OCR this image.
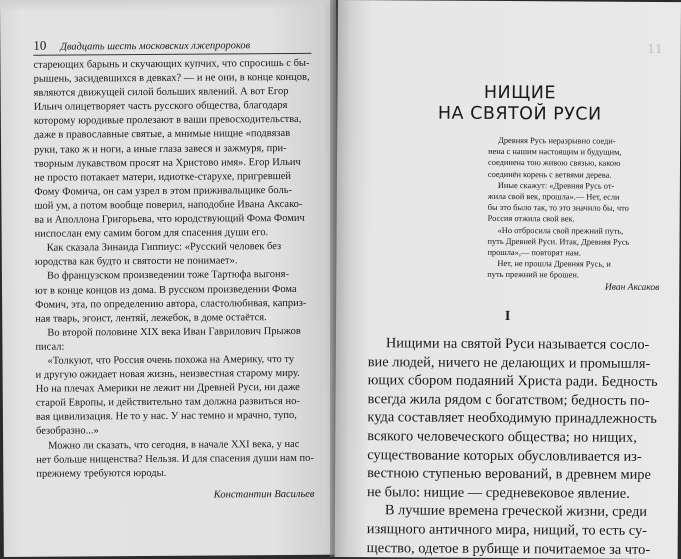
10 Двадцать шесть московских лжепророков
стареющих барынь и скучающих купчих, что спросишь с бы-
рышень, засидевшихся в девках? — и не они, в конце концов,
являются движущей силой больших явлений. А вот Егор
Ильич олицетворяет часть русского общества, благодаря
которому юродивые пролезают в ваши превосходительства,
даже в православные святые, а мнимые нищие «подвязав
руки, тако ж и ноги, а иные глаза завеся и зажмуря, при-
творным лукавством просят на Христово имя». Егор Ильич
не просто потакает матери, идиотке-старухе, пригревшей
Фому Фомича, он сам узрел в этом приживальщике боль-
шой ум, а потом вообще поверил, наподобие Ивана Аксако-
ва и Аполлона Григорьева, что юродствующий Фома Фомич
ниспослан ему самим богом для спасения души его.

Как сказала Зинаида Гиппиус: «Русский человек без

юродства как будто и святости не понимает».

Во французском произведении тоже Тартюфа выгоня-

ют в конце концов из дома. В русском произведении Фома
Фомич, эта, по определению автора, сластолюбивая, каприз-
ная тварь, эгоист, лентяй, лежебок, в доме остаётся.

Во второй половине XIX века Иван Гаврилович Прыжов

писал:

«Толкуют, что Россия очень похожа на Америку, что ту

и другую ожидает новая жизнь, неизвестная старому миру.
Но на плечах Америки не лежит ни Древней Руси, ни даже
старой Европы, и действительно там должна развиться но-
вая цивилизация. Не то у нас. У нас темно и мрачно, тупо,
безобразно...»

Можно ли сказать, что сегодня, в начале XXI века, у нас

нет больше нищенства? Нельзя. И для спасения души нам по-
прежнему требуются юроды.

Константин Васильев

11
НИЩИЕ
НА СВЯТОЙ РУСИ

Древняя Русь неразрывно соеди-

нена с нашим настоящим и будущим,
соединена тою живою связью, какою
соединён корень с ветвями дерева.

Иные скажут: «Древняя Русь от-

жила свой век, прошла».— Нет, если
бы это было так, то это значило бы, что
Россия отжила свой век.

«Но отбросила свой прежний путь,

путь Древней Руси. Итак, Древняя Русь
прошла»,— повторят нам.

Нет, не прошла Древняя Русь, и

путь прежний не брошен.
Иван Аксаков
I

Нищими на святой Руси называется сосло-

вие людей, ничего не делающих и промышля-
ющих сбором подаяний Христа ради. Бедность
всегда жила рядом с богатством; бедность по-
куда составляет необходимую принадлежность
всякого человеческого общества; но нищих,
существование которых обусловливается из-
вестною ступенью верований, в древнем мире
не было: нищие — средневековое явление.

В лучшие времена греческой жизни, среди

изящного античного мира, нищий, то есть су-
щество, одетое в рубище и почитаемое за что-
